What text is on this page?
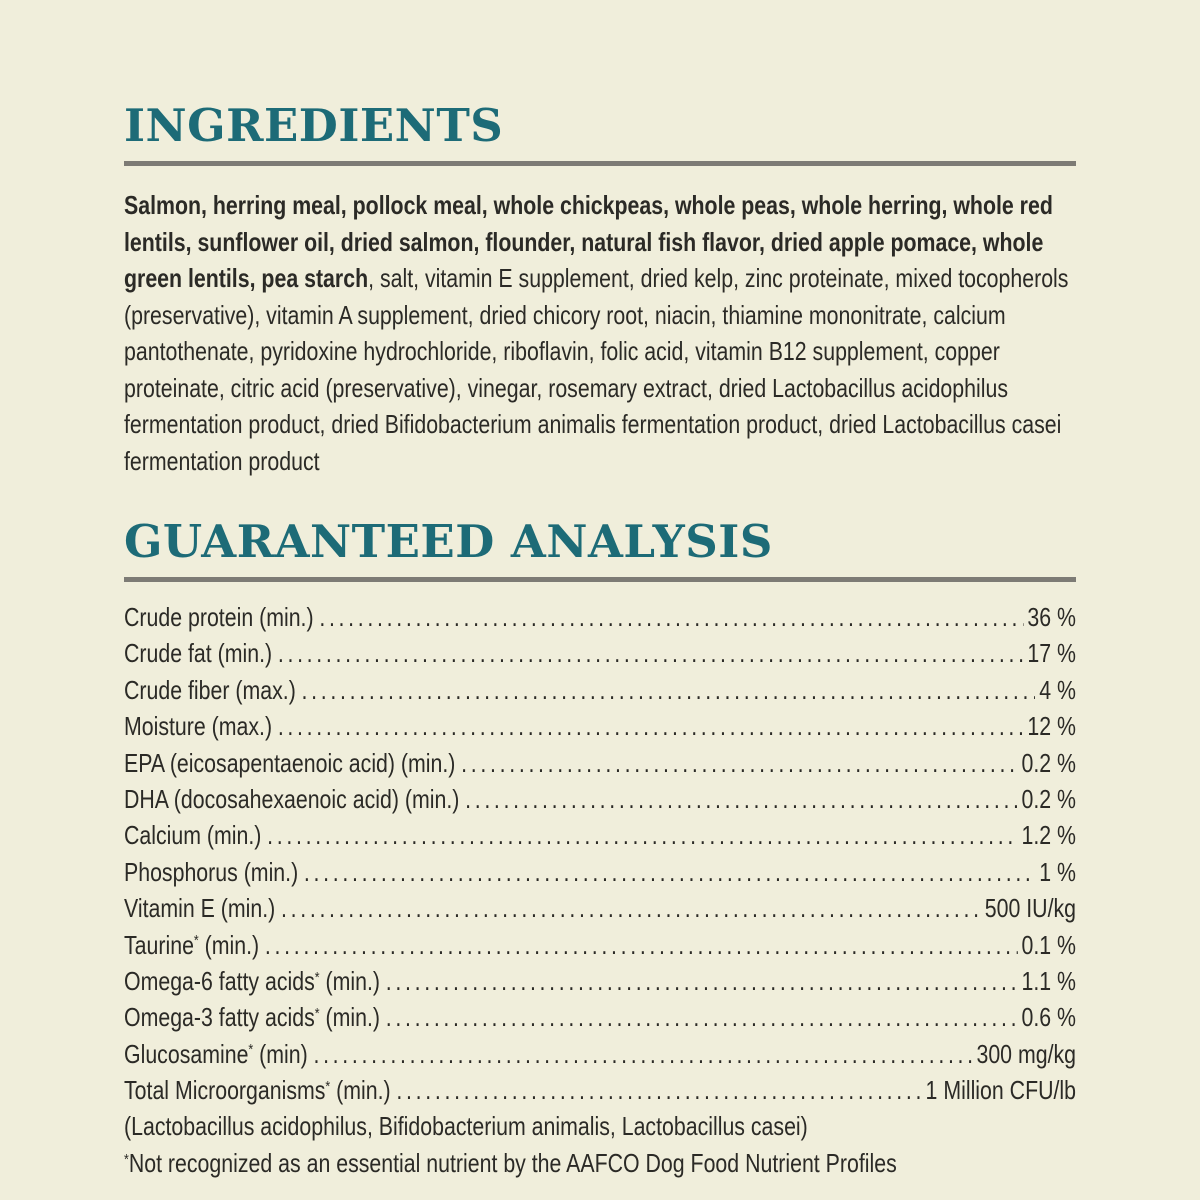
INGREDIENTS

Salmon, herring meal, pollock meal, whole chickpeas, whole peas, whole herring, whole red lentils, sunflower oil, dried salmon, flounder, natural fish flavor, dried apple pomace, whole green lentils, pea starch, salt, vitamin E supplement, dried kelp, zinc proteinate, mixed tocopherols (preservative), vitamin A supplement, dried chicory root, niacin, thiamine mononitrate, calcium pantothenate, pyridoxine hydrochloride, riboflavin, folic acid, vitamin B12 supplement, copper proteinate, citric acid (preservative), vinegar, rosemary extract, dried Lactobacillus acidophilus fermentation product, dried Bifidobacterium animalis fermentation product, dried Lactobacillus casei fermentation product

GUARANTEED ANALYSIS
Crude protein (min.) .....	36 %
Crude fat (min.) .....	17 %
Crude fiber (max.) .....	4 %
Moisture (max.) .....	12 %
EPA (eicosapentaenoic acid) (min.) .....	0.2 %
DHA (docosahexaenoic acid) (min.) .....	0.2 %
Calcium (min.) .....	1.2 %
Phosphorus (min.) .....	1 %
Vitamin E (min.) .....	500 IU/kg
Taurine* (min.) .....	0.1 %
Omega-6 fatty acids* (min.) .....	1.1 %
Omega-3 fatty acids* (min.) .....	0.6 %
Glucosamine* (min) .....	300 mg/kg
Total Microorganisms* (min.) .....	1 Million CFU/lb
(Lactobacillus acidophilus, Bifidobacterium animalis, Lactobacillus casei)
*Not recognized as an essential nutrient by the AAFCO Dog Food Nutrient Profiles
